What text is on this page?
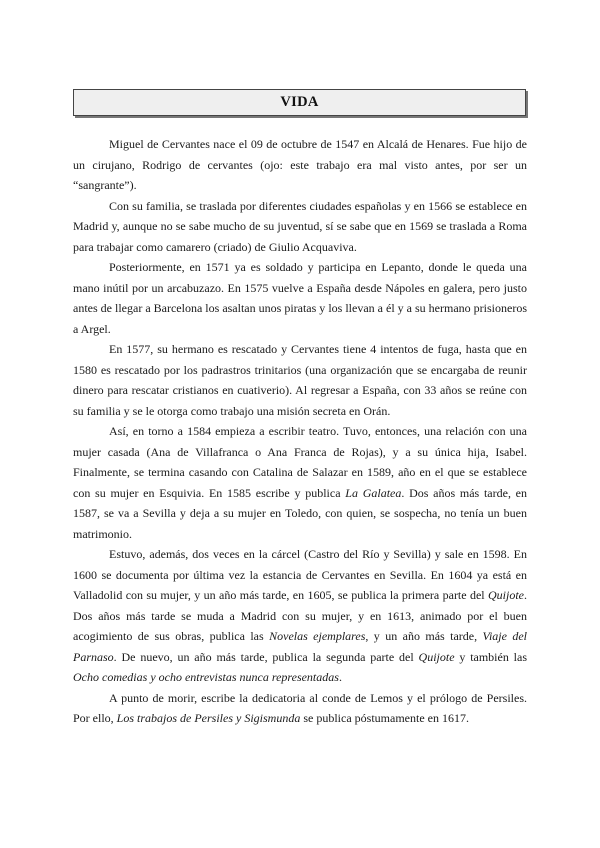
VIDA

Miguel de Cervantes nace el 09 de octubre de 1547 en Alcalá de Henares. Fue hijo de un cirujano, Rodrigo de cervantes (ojo: este trabajo era mal visto antes, por ser un “sangrante”).

Con su familia, se traslada por diferentes ciudades españolas y en 1566 se establece en Madrid y, aunque no se sabe mucho de su juventud, sí se sabe que en 1569 se traslada a Roma para trabajar como camarero (criado) de Giulio Acquaviva.

Posteriormente, en 1571 ya es soldado y participa en Lepanto, donde le queda una mano inútil por un arcabuzazo. En 1575 vuelve a España desde Nápoles en galera, pero justo antes de llegar a Barcelona los asaltan unos piratas y los llevan a él y a su hermano prisioneros a Argel.

En 1577, su hermano es rescatado y Cervantes tiene 4 intentos de fuga, hasta que en 1580 es rescatado por los padrastros trinitarios (una organización que se encargaba de reunir dinero para rescatar cristianos en cuativerio). Al regresar a España, con 33 años se reúne con su familia y se le otorga como trabajo una misión secreta en Orán.

Así, en torno a 1584 empieza a escribir teatro. Tuvo, entonces, una relación con una mujer casada (Ana de Villafranca o Ana Franca de Rojas), y a su única hija, Isabel. Finalmente, se termina casando con Catalina de Salazar en 1589, año en el que se establece con su mujer en Esquivia. En 1585 escribe y publica La Galatea. Dos años más tarde, en 1587, se va a Sevilla y deja a su mujer en Toledo, con quien, se sospecha, no tenía un buen matrimonio.

Estuvo, además, dos veces en la cárcel (Castro del Río y Sevilla) y sale en 1598. En 1600 se documenta por última vez la estancia de Cervantes en Sevilla. En 1604 ya está en Valladolid con su mujer, y un año más tarde, en 1605, se publica la primera parte del Quijote. Dos años más tarde se muda a Madrid con su mujer, y en 1613, animado por el buen acogimiento de sus obras, publica las Novelas ejemplares, y un año más tarde, Viaje del Parnaso. De nuevo, un año más tarde, publica la segunda parte del Quijote y también las Ocho comedias y ocho entrevistas nunca representadas.

A punto de morir, escribe la dedicatoria al conde de Lemos y el prólogo de Persiles. Por ello, Los trabajos de Persiles y Sigismunda se publica póstumamente en 1617.
